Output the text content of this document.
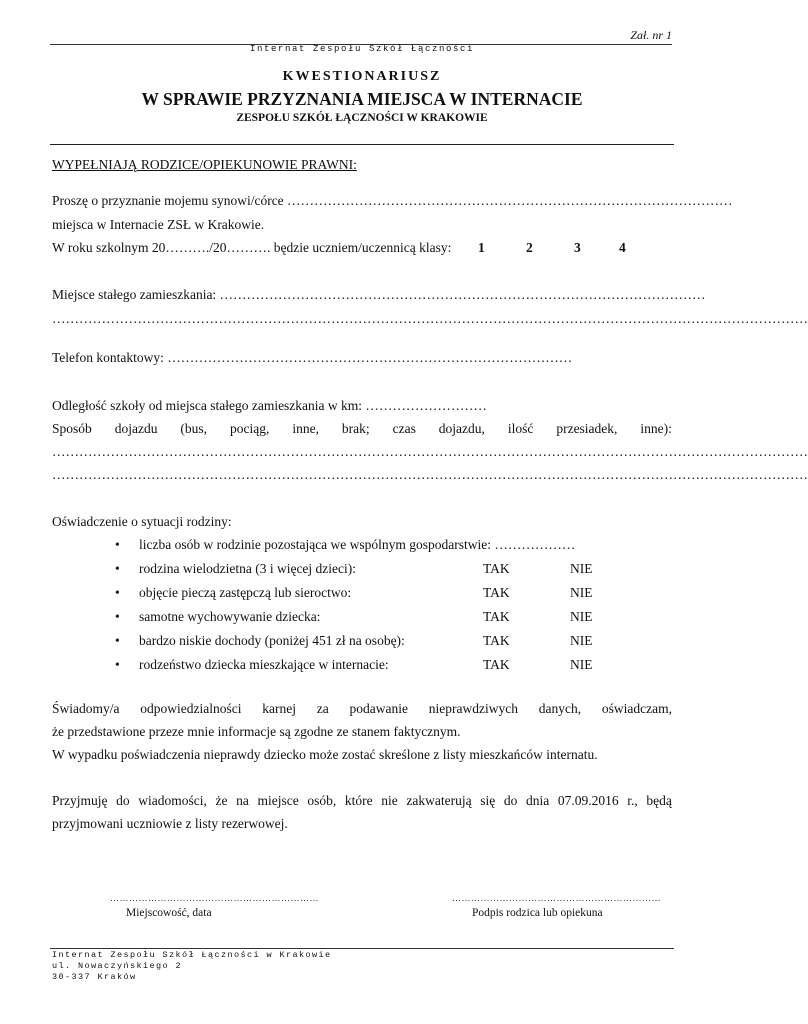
Zał. nr 1
Internat Zespołu Szkół Łączności
KWESTIONARIUSZ
W SPRAWIE PRZYZNANIA MIEJSCA W INTERNACIE
ZESPOŁU SZKÓŁ ŁĄCZNOŚCI W KRAKOWIE
WYPEŁNIAJĄ RODZICE/OPIEKUNOWIE PRAWNI:
Proszę o przyznanie mojemu synowi/córce ………………………………………………………………………………………
miejsca w Internacie ZSŁ w Krakowie.
W roku szkolnym 20………./20………. będzie uczniem/uczennicą klasy: 1	2	3	4
Miejsce stałego zamieszkania: ………………………………………………………………………………………………
……………………………………………………………………………………………………………………………………………………
Telefon kontaktowy: ………………………………………………………………………………
Odległość szkoły od miejsca stałego zamieszkania w km: ………………………
Sposób dojazdu (bus, pociąg, inne, brak; czas dojazdu, ilość przesiadek, inne):
……………………………………………………………………………………………………………………………………………………
……………………………………………………………………………………………………………………………………………………
Oświadczenie o sytuacji rodziny:
• liczba osób w rodzinie pozostająca we wspólnym gospodarstwie: ………………
• rodzina wielodzietna (3 i więcej dzieci):	TAK	NIE
• objęcie pieczą zastępczą lub sieroctwo:	TAK	NIE
• samotne wychowywanie dziecka:	TAK	NIE
• bardzo niskie dochody (poniżej 451 zł na osobę):	TAK	NIE
• rodzeństwo dziecka mieszkające w internacie:	TAK	NIE
Świadomy/a odpowiedzialności karnej za podawanie nieprawdziwych danych, oświadczam,
że przedstawione przeze mnie informacje są zgodne ze stanem faktycznym.
W wypadku poświadczenia nieprawdy dziecko może zostać skreślone z listy mieszkańców internatu.
Przyjmuję do wiadomości, że na miejsce osób, które nie zakwaterują się do dnia 07.09.2016 r., będą
przyjmowani uczniowie z listy rezerwowej.
…………………………………………………………	…………………………………………………………
Miejscowość, data	Podpis rodzica lub opiekuna
Internat Zespołu Szkół Łączności w Krakowie
ul. Nowaczyńskiego 2
30-337 Kraków
